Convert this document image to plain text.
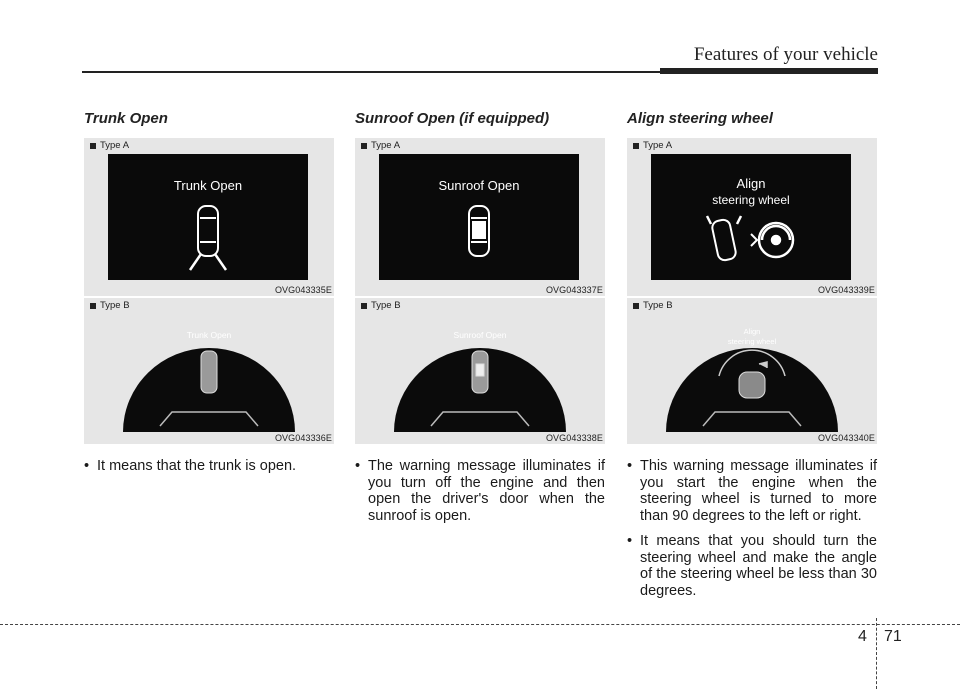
Features of your vehicle
Trunk Open
Type A
Trunk Open
OVG043335E
Type B
Trunk Open
OVG043336E
• It means that the trunk is open.
Sunroof Open (if equipped)
Type A
Sunroof Open
OVG043337E
Type B
Sunroof Open
OVG043338E
• The warning message illuminates if you turn off the engine and then open the driver's door when the sunroof is open.
Align steering wheel
Type A
Align
steering wheel
OVG043339E
Type B
Align
steering wheel
OVG043340E
• This warning message illuminates if you start the engine when the steering wheel is turned to more than 90 degrees to the left or right.
• It means that you should turn the steering wheel and make the angle of the steering wheel be less than 30 degrees.
4 71
